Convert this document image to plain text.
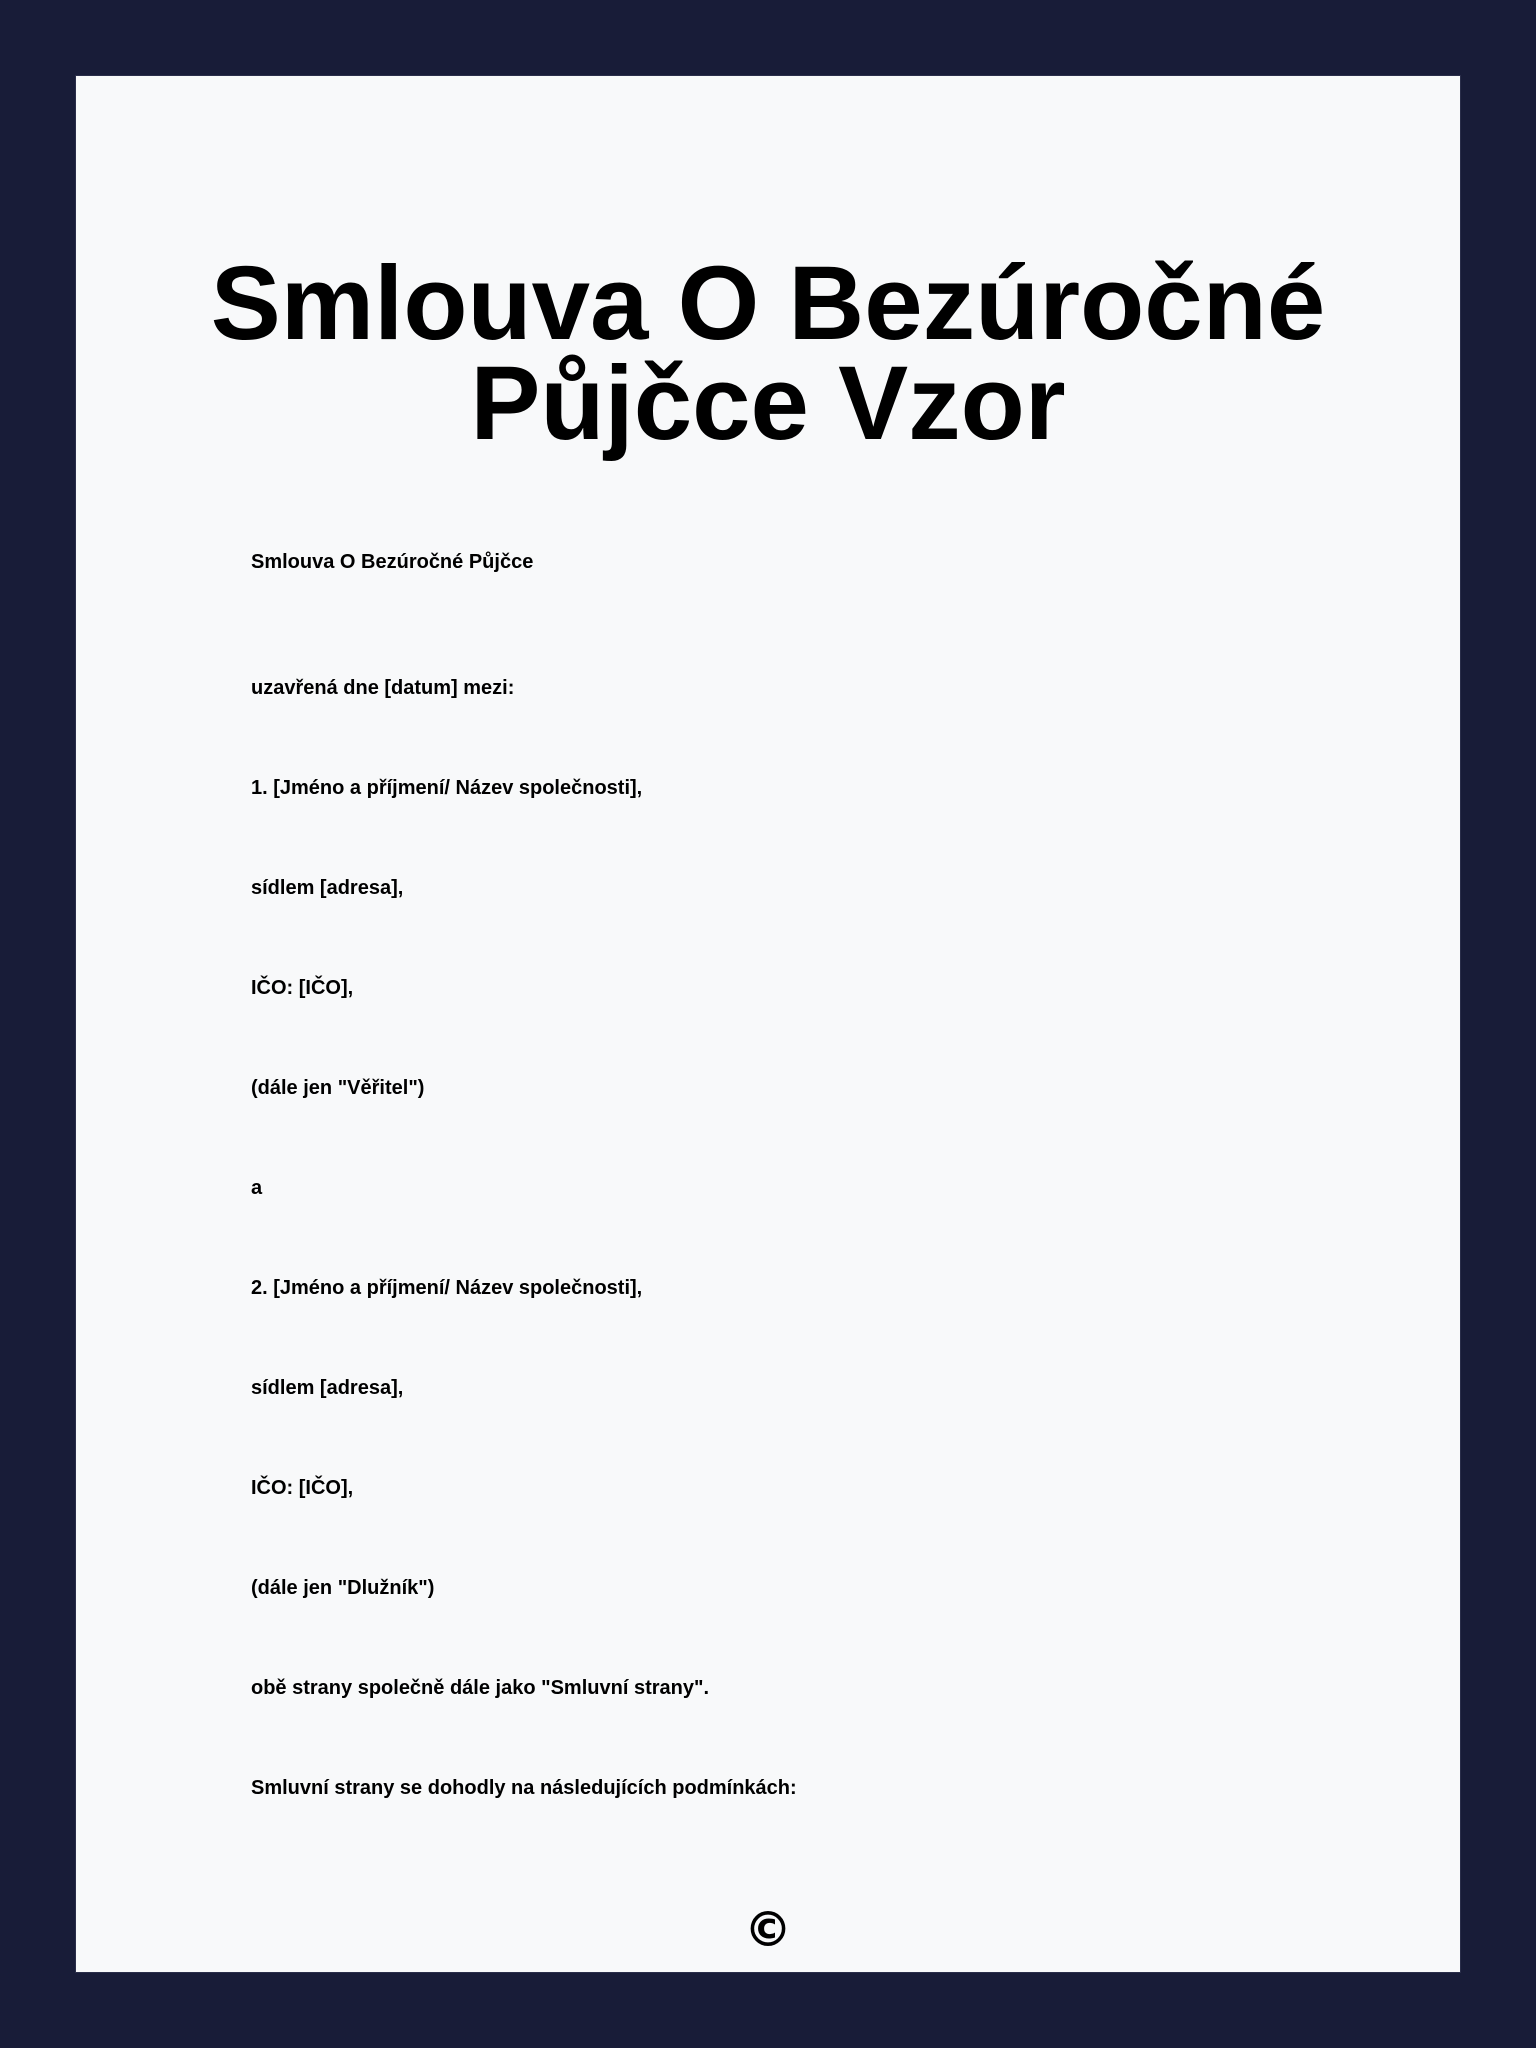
Smlouva O Bezúročné Půjčce Vzor
Smlouva O Bezúročné Půjčce
uzavřená dne [datum] mezi:
1. [Jméno a příjmení/ Název společnosti],
sídlem [adresa],
IČO: [IČO],
(dále jen "Věřitel")
a
2. [Jméno a příjmení/ Název společnosti],
sídlem [adresa],
IČO: [IČO],
(dále jen "Dlužník")
obě strany společně dále jako "Smluvní strany".
Smluvní strany se dohodly na následujících podmínkách:
©
